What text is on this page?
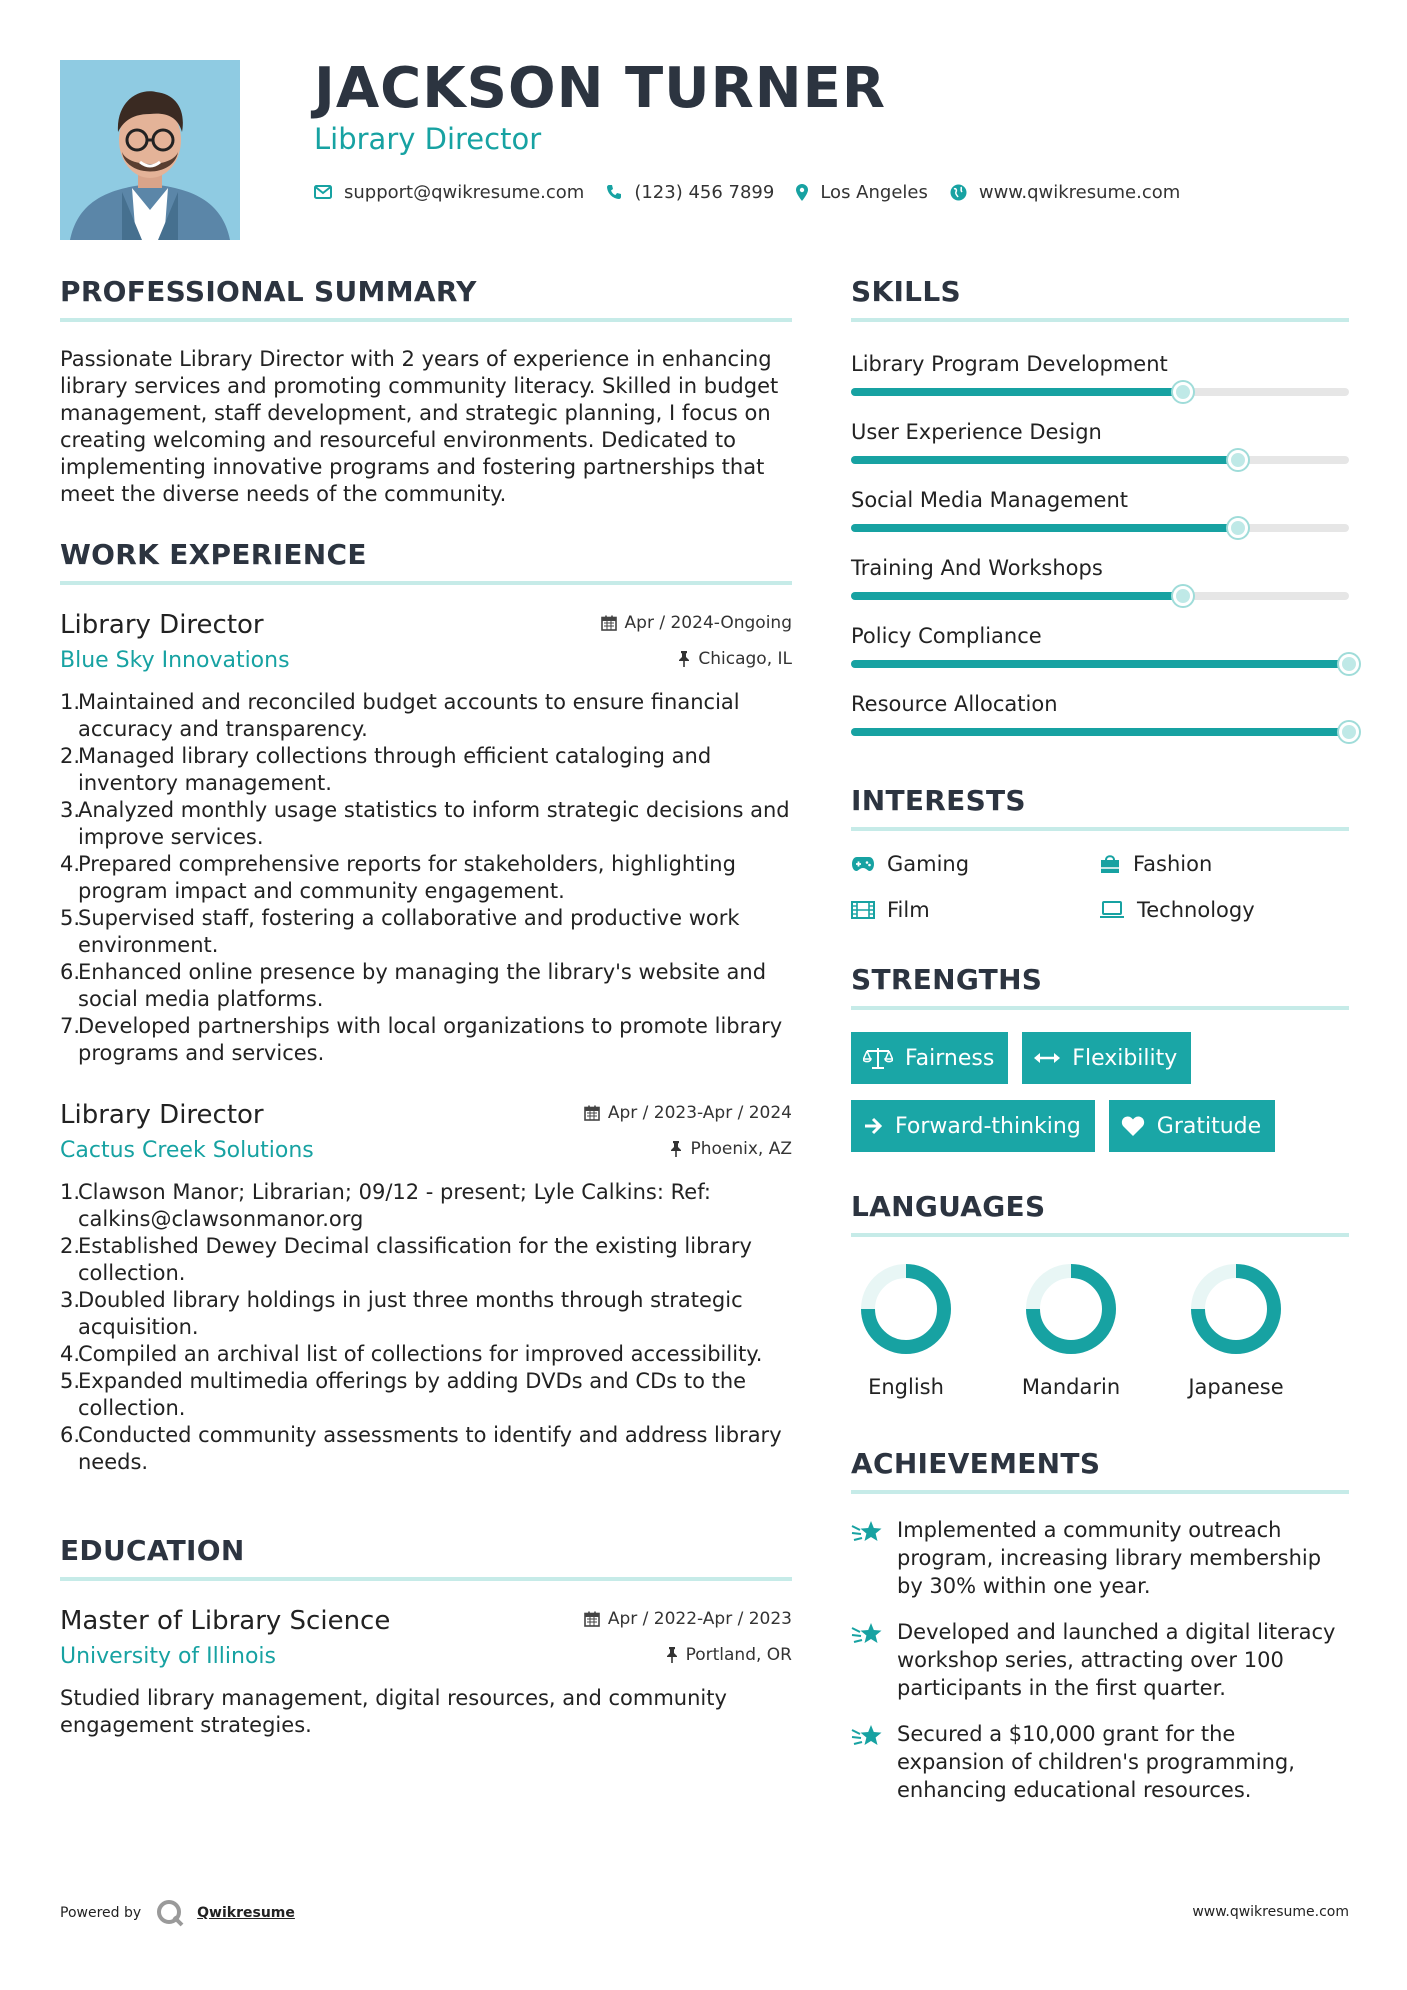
JACKSON TURNER
Library Director
support@qwikresume.com	(123) 456 7899	Los Angeles	www.qwikresume.com
PROFESSIONAL SUMMARY
Passionate Library Director with 2 years of experience in enhancing library services and promoting community literacy. Skilled in budget management, staff development, and strategic planning, I focus on creating welcoming and resourceful environments. Dedicated to implementing innovative programs and fostering partnerships that meet the diverse needs of the community.
WORK EXPERIENCE
Library Director
Blue Sky Innovations
Apr / 2024-Ongoing
Chicago, IL
1.
Maintained and reconciled budget accounts to ensure financial accuracy and transparency.
2.
Managed library collections through efficient cataloging and inventory management.
3.
Analyzed monthly usage statistics to inform strategic decisions and improve services.
4.
Prepared comprehensive reports for stakeholders, highlighting program impact and community engagement.
5.
Supervised staff, fostering a collaborative and productive work environment.
6.
Enhanced online presence by managing the library's website and social media platforms.
7.
Developed partnerships with local organizations to promote library programs and services.
Library Director
Cactus Creek Solutions
Apr / 2023-Apr / 2024
Phoenix, AZ
1.
Clawson Manor; Librarian; 09/12 - present; Lyle Calkins: Ref: calkins@clawsonmanor.org
2.
Established Dewey Decimal classification for the existing library collection.
3.
Doubled library holdings in just three months through strategic acquisition.
4.
Compiled an archival list of collections for improved accessibility.
5.
Expanded multimedia offerings by adding DVDs and CDs to the collection.
6.
Conducted community assessments to identify and address library needs.
EDUCATION
Master of Library Science
University of Illinois
Apr / 2022-Apr / 2023
Portland, OR
Studied library management, digital resources, and community engagement strategies.
SKILLS
Library Program Development
User Experience Design
Social Media Management
Training And Workshops
Policy Compliance
Resource Allocation
INTERESTS
Gaming	Fashion
Film	Technology
STRENGTHS
Fairness	Flexibility
Forward-thinking	Gratitude
LANGUAGES
English	Mandarin	Japanese
ACHIEVEMENTS
Implemented a community outreach program, increasing library membership by 30% within one year.
Developed and launched a digital literacy workshop series, attracting over 100 participants in the first quarter.
Secured a $10,000 grant for the expansion of children's programming, enhancing educational resources.
Powered by	Qwikresume	www.qwikresume.com
